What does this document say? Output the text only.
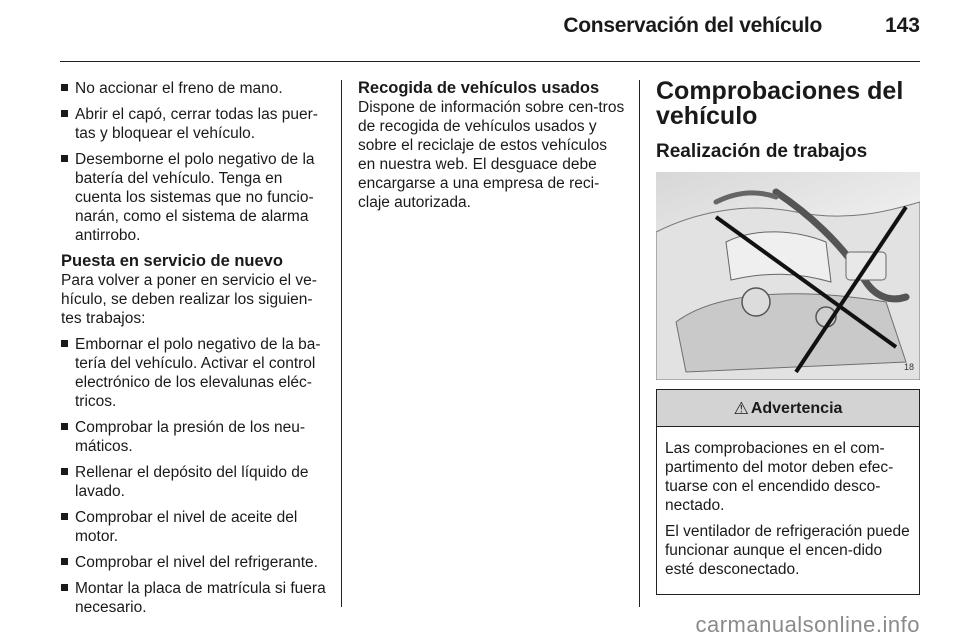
Conservación del vehículo	143
No accionar el freno de mano.
Abrir el capó, cerrar todas las puer-tas y bloquear el vehículo.
Desemborne el polo negativo de la batería del vehículo. Tenga en cuenta los sistemas que no funcio-narán, como el sistema de alarma antirrobo.
Puesta en servicio de nuevo

Para volver a poner en servicio el ve-hículo, se deben realizar los siguien-tes trabajos:

Embornar el polo negativo de la ba-tería del vehículo. Activar el control electrónico de los elevalunas eléc-tricos.
Comprobar la presión de los neu-máticos.
Rellenar el depósito del líquido de lavado.
Comprobar el nivel de aceite del motor.
Comprobar el nivel del refrigerante.
Montar la placa de matrícula si fuera necesario.
Recogida de vehículos usados

Dispone de información sobre cen-tros de recogida de vehículos usados y sobre el reciclaje de estos vehículos en nuestra web. El desguace debe encargarse a una empresa de reci-claje autorizada.

Comprobaciones del vehículo
Realización de trabajos
18
⚠ Advertencia

Las comprobaciones en el com-partimento del motor deben efec-tuarse con el encendido desco-nectado.

El ventilador de refrigeración puede funcionar aunque el encen-dido esté desconectado.

carmanualsonline.info
